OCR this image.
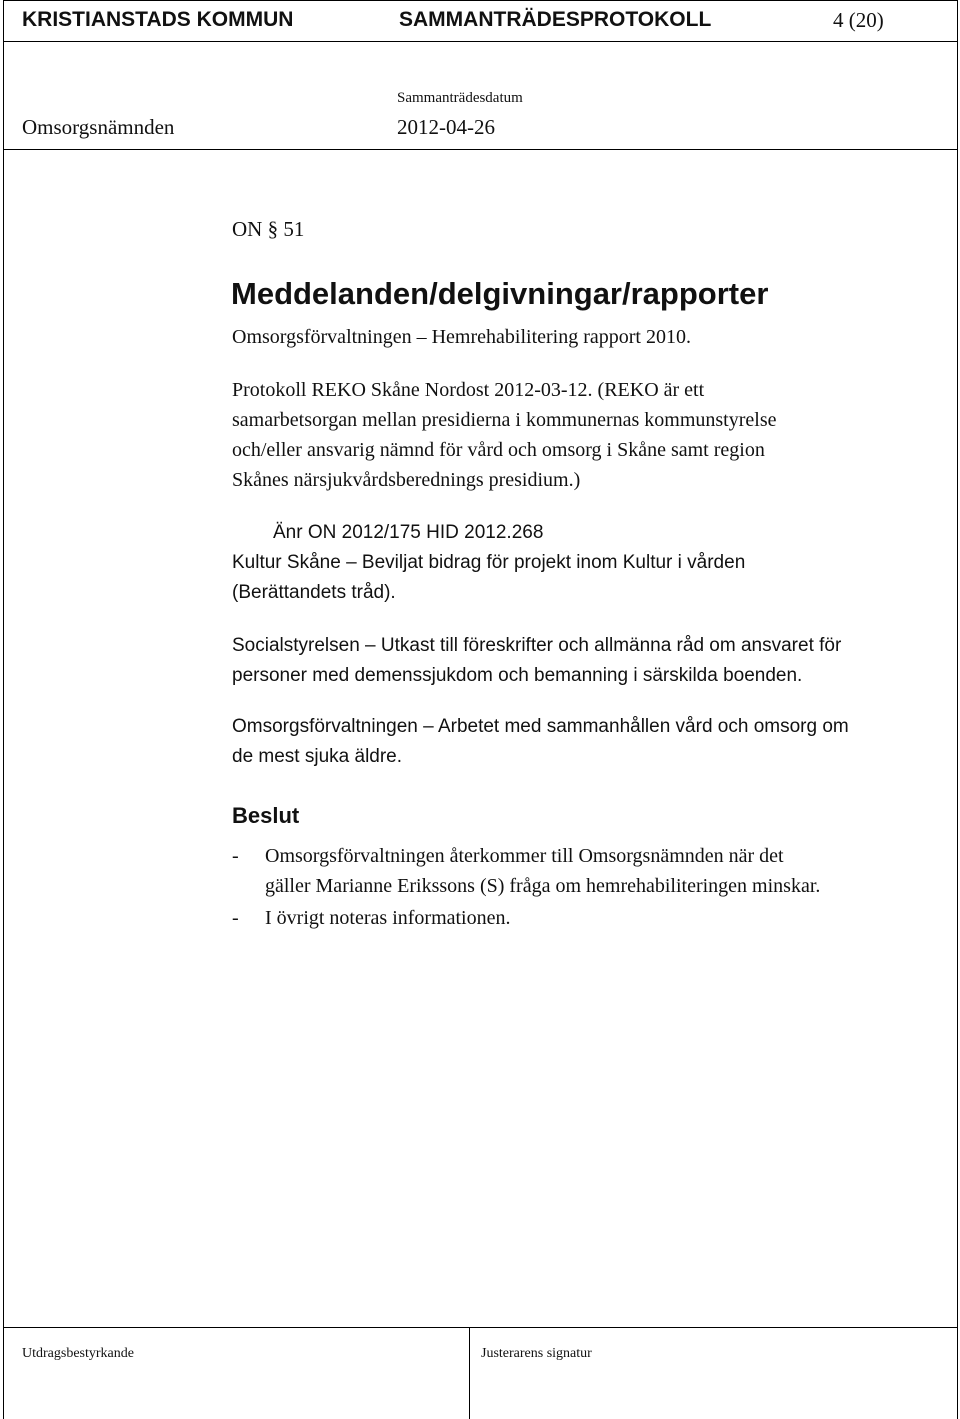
KRISTIANSTADS KOMMUN	SAMMANTRÄDESPROTOKOLL	4 (20)
Sammanträdesdatum
Omsorgsnämnden	2012-04-26
ON § 51
Meddelanden/delgivningar/rapporter
Omsorgsförvaltningen – Hemrehabilitering rapport 2010.
Protokoll REKO Skåne Nordost 2012-03-12. (REKO är ett
samarbetsorgan mellan presidierna i kommunernas kommunstyrelse
och/eller ansvarig nämnd för vård och omsorg i Skåne samt region
Skånes närsjukvårdsberednings presidium.)
Änr ON 2012/175 HID 2012.268
Kultur Skåne – Beviljat bidrag för projekt inom Kultur i vården
(Berättandets tråd).
Socialstyrelsen – Utkast till föreskrifter och allmänna råd om ansvaret för
personer med demenssjukdom och bemanning i särskilda boenden.
Omsorgsförvaltningen – Arbetet med sammanhållen vård och omsorg om
de mest sjuka äldre.
Beslut
- Omsorgsförvaltningen återkommer till Omsorgsnämnden när det
gäller Marianne Erikssons (S) fråga om hemrehabiliteringen minskar.
- I övrigt noteras informationen.
Utdragsbestyrkande	Justerarens signatur
